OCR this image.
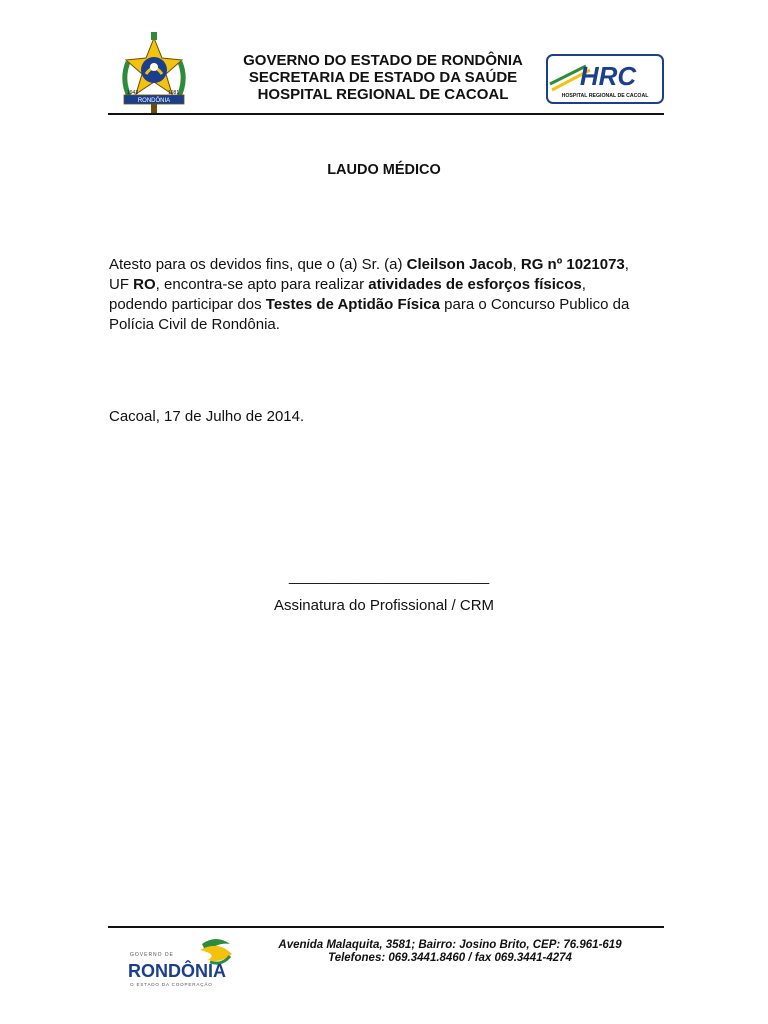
RONDÔNIA
1943	1981
GOVERNO DO ESTADO DE RONDÔNIA
SECRETARIA DE ESTADO DA SAÚDE
HOSPITAL REGIONAL DE CACOAL
HRC
HOSPITAL REGIONAL DE CACOAL
LAUDO MÉDICO

Atesto para os devidos fins, que o (a) Sr. (a) Cleilson Jacob, RG nº 1021073,

UF RO, encontra-se apto para realizar atividades de esforços físicos,

podendo participar dos Testes de Aptidão Física para o Concurso Publico da

Polícia Civil de Rondônia.

Cacoal, 17 de Julho de 2014.
________________________
Assinatura do Profissional / CRM
GOVERNO DE
RONDÔNIA
O ESTADO DA COOPERAÇÃO
Avenida Malaquita, 3581; Bairro: Josino Brito, CEP: 76.961-619
Telefones: 069.3441.8460 / fax 069.3441-4274
